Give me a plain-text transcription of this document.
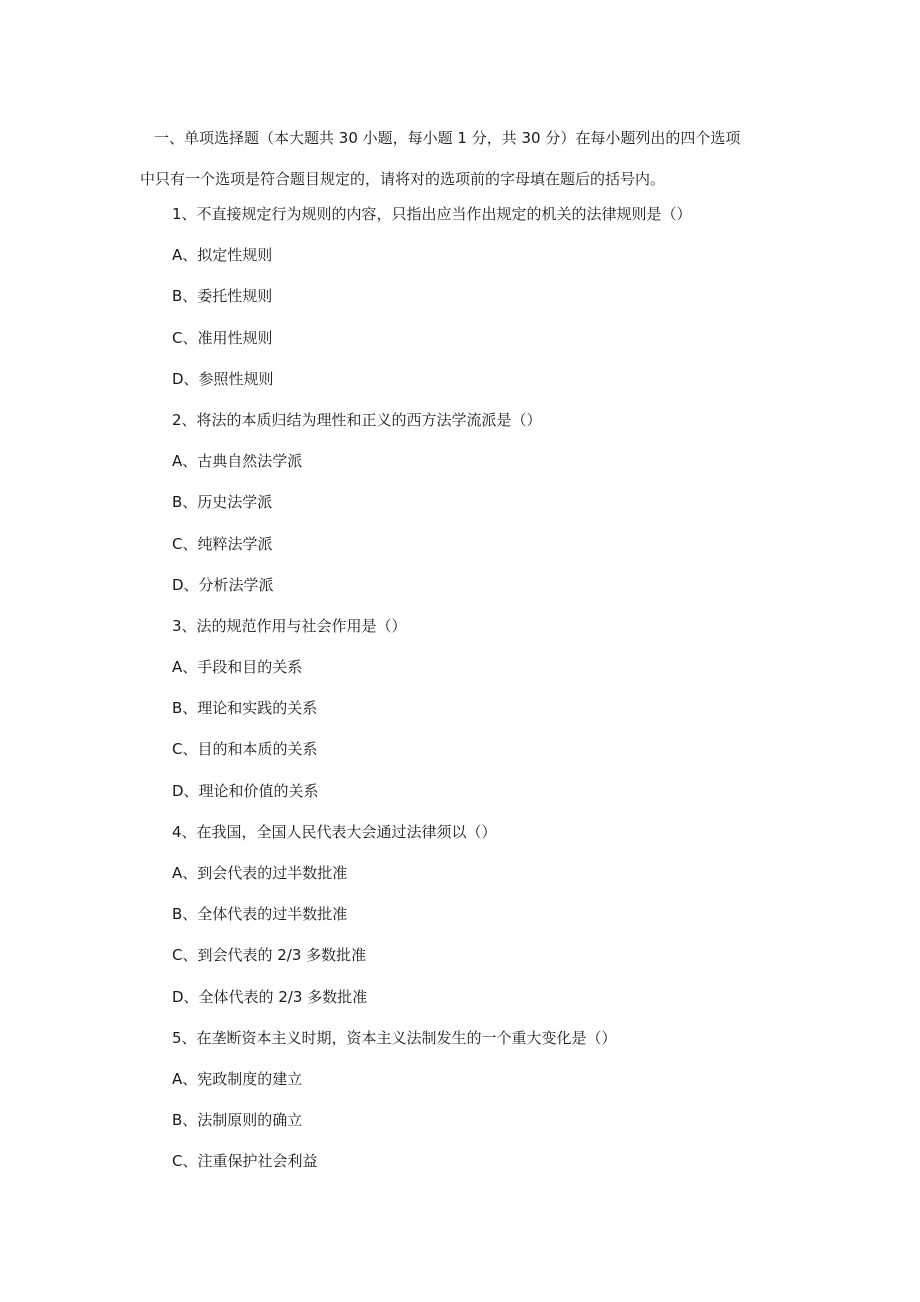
一、单项选择题（本大题共 30 小题，每小题 1 分，共 30 分）在每小题列出的四个选项
中只有一个选项是符合题目规定的，请将对的选项前的字母填在题后的括号内。

1、不直接规定行为规则的内容，只指出应当作出规定的机关的法律规则是（）
A、拟定性规则
B、委托性规则
C、准用性规则
D、参照性规则
2、将法的本质归结为理性和正义的西方法学流派是（）
A、古典自然法学派
B、历史法学派
C、纯粹法学派
D、分析法学派
3、法的规范作用与社会作用是（）
A、手段和目的关系
B、理论和实践的关系
C、目的和本质的关系
D、理论和价值的关系
4、在我国，全国人民代表大会通过法律须以（）
A、到会代表的过半数批准
B、全体代表的过半数批准
C、到会代表的 2/3 多数批准
D、全体代表的 2/3 多数批准
5、在垄断资本主义时期，资本主义法制发生的一个重大变化是（）
A、宪政制度的建立
B、法制原则的确立
C、注重保护社会利益
